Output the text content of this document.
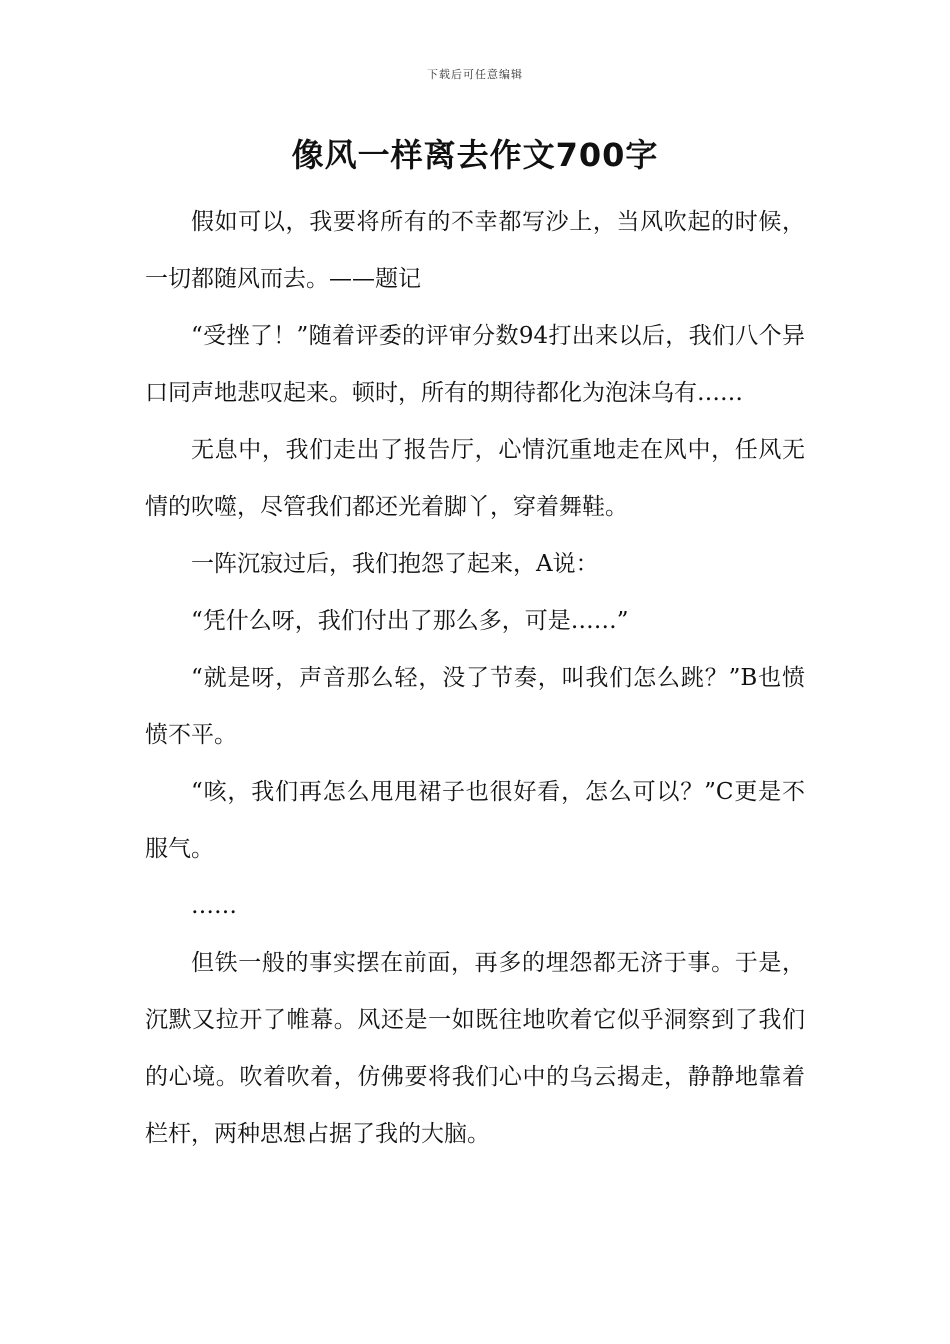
下载后可任意编辑
像风一样离去作文700字

假如可以，我要将所有的不幸都写沙上，当风吹起的时候，一切都随风而去。——题记

“受挫了！”随着评委的评审分数94打出来以后，我们八个异口同声地悲叹起来。顿时，所有的期待都化为泡沫乌有……

无息中，我们走出了报告厅，心情沉重地走在风中，任风无情的吹噬，尽管我们都还光着脚丫，穿着舞鞋。

一阵沉寂过后，我们抱怨了起来，A说：

“凭什么呀，我们付出了那么多，可是……”

“就是呀，声音那么轻，没了节奏，叫我们怎么跳？”B也愤愤不平。

“咳，我们再怎么甩甩裙子也很好看，怎么可以？”C更是不服气。

……

但铁一般的事实摆在前面，再多的埋怨都无济于事。于是，沉默又拉开了帷幕。风还是一如既往地吹着它似乎洞察到了我们的心境。吹着吹着，仿佛要将我们心中的乌云揭走，静静地靠着栏杆，两种思想占据了我的大脑。
